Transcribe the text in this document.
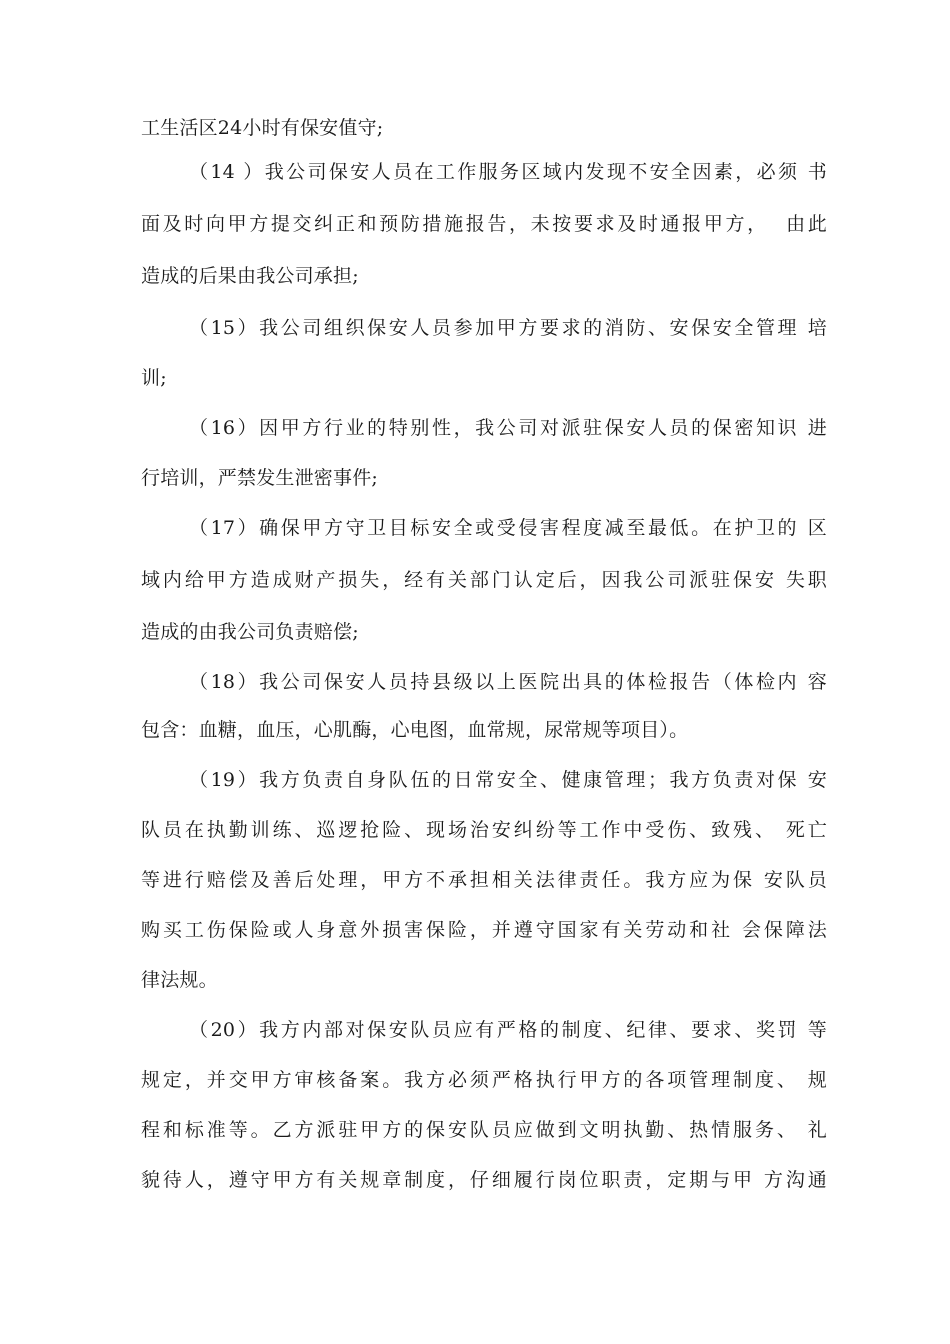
工生活区24小时有保安值守;
（14 ）我公司保安人员在工作服务区域内发现不安全因素，必须 书
面及时向甲方提交纠正和预防措施报告，未按要求及时通报甲方，  由此
造成的后果由我公司承担;
（15）我公司组织保安人员参加甲方要求的消防、安保安全管理 培
训;
（16）因甲方行业的特别性，我公司对派驻保安人员的保密知识 进
行培训，严禁发生泄密事件;
（17）确保甲方守卫目标安全或受侵害程度减至最低。在护卫的 区
域内给甲方造成财产损失，经有关部门认定后，因我公司派驻保安 失职
造成的由我公司负责赔偿;
（18）我公司保安人员持县级以上医院出具的体检报告（体检内 容
包含：血糖，血压，心肌酶，心电图，血常规，尿常规等项目）。
（19）我方负责自身队伍的日常安全、健康管理；我方负责对保 安
队员在执勤训练、巡逻抢险、现场治安纠纷等工作中受伤、致残、 死亡
等进行赔偿及善后处理，甲方不承担相关法律责任。我方应为保 安队员
购买工伤保险或人身意外损害保险，并遵守国家有关劳动和社 会保障法
律法规。
（20）我方内部对保安队员应有严格的制度、纪律、要求、奖罚 等
规定，并交甲方审核备案。我方必须严格执行甲方的各项管理制度、 规
程和标准等。乙方派驻甲方的保安队员应做到文明执勤、热情服务、 礼
貌待人，遵守甲方有关规章制度，仔细履行岗位职责，定期与甲 方沟通
